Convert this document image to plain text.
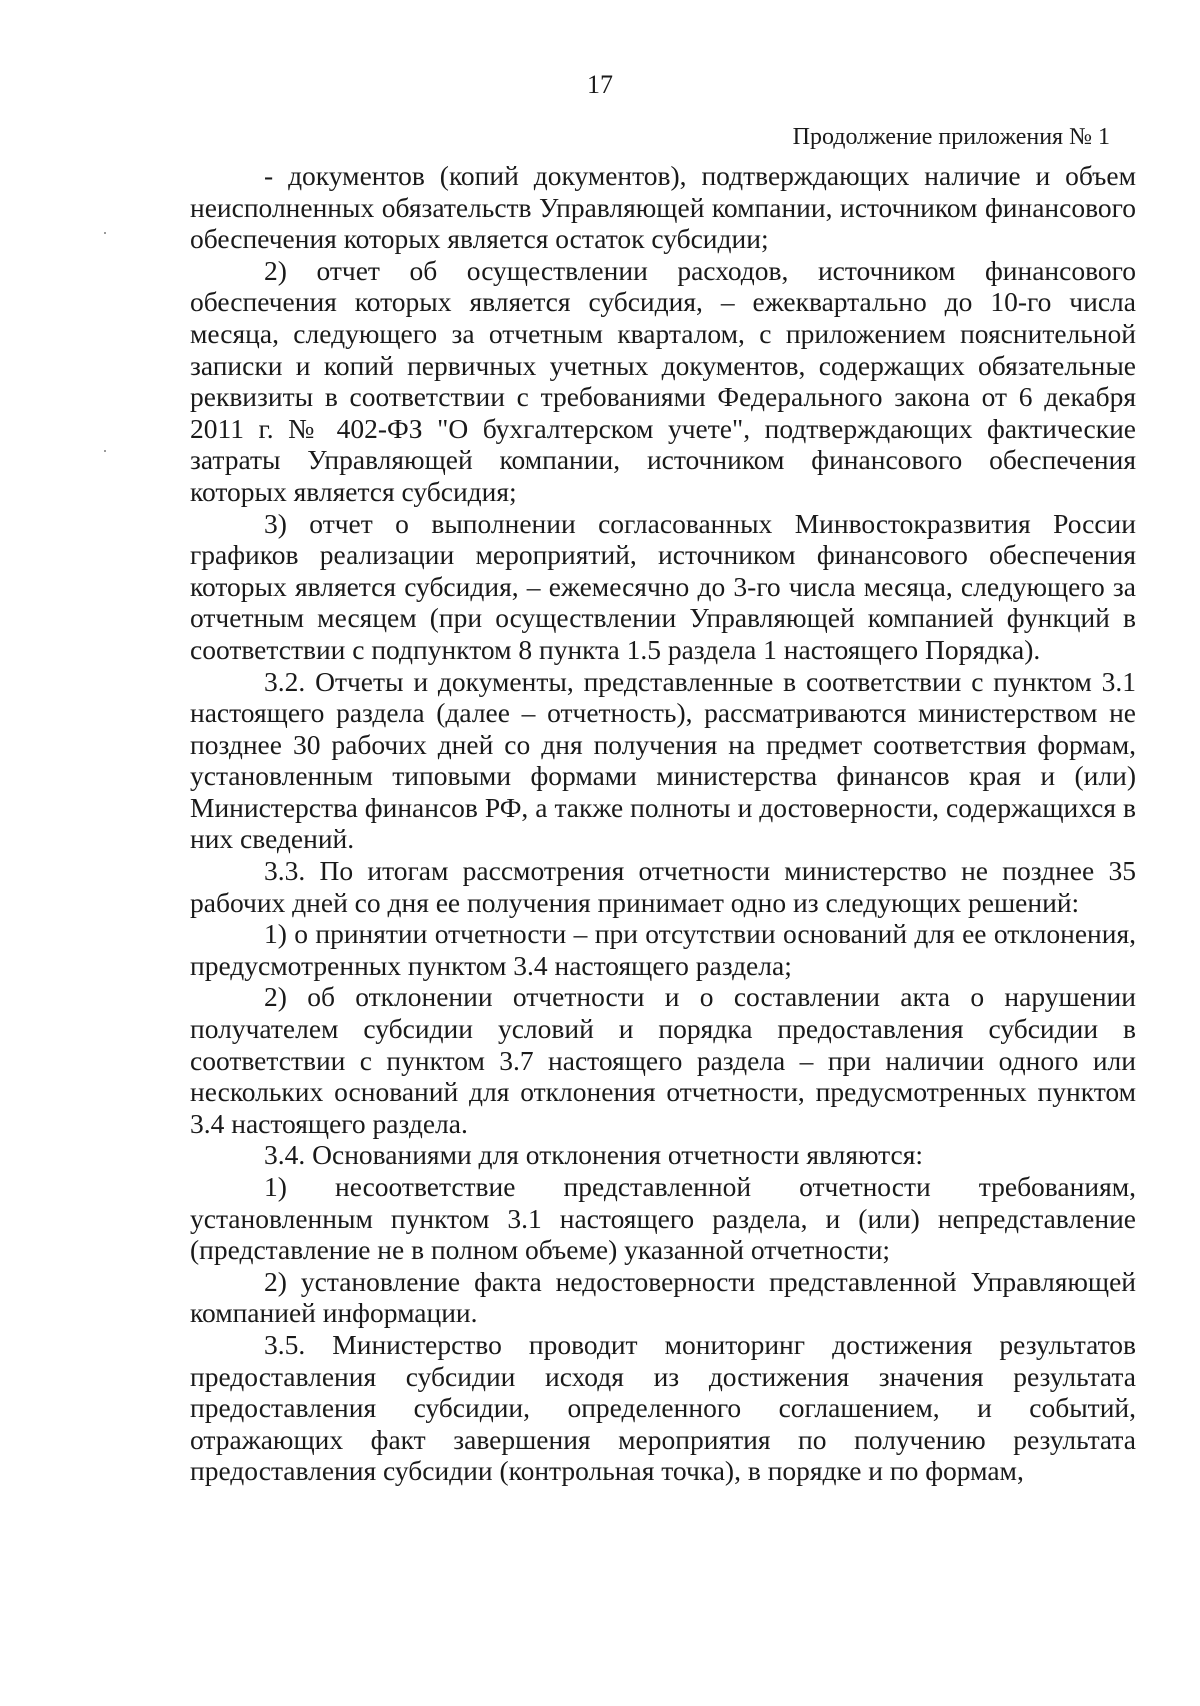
17
Продолжение приложения № 1

- документов (копий документов), подтверждающих наличие и объем неисполненных обязательств Управляющей компании, источником финансового обеспечения которых является остаток субсидии;

2) отчет об осуществлении расходов, источником финансового обеспечения которых является субсидия, – ежеквартально до 10-го числа месяца, следующего за отчетным кварталом, с приложением пояснительной записки и копий первичных учетных документов, содержащих обязательные реквизиты в соответствии с требованиями Федерального закона от 6 декабря 2011 г. № 402-ФЗ "О бухгалтерском учете", подтверждающих фактические затраты Управляющей компании, источником финансового обеспечения которых является субсидия;

3) отчет о выполнении согласованных Минвостокразвития России графиков реализации мероприятий, источником финансового обеспечения которых является субсидия, – ежемесячно до 3-го числа месяца, следующего за отчетным месяцем (при осуществлении Управляющей компанией функций в соответствии с подпунктом 8 пункта 1.5 раздела 1 настоящего Порядка).

3.2. Отчеты и документы, представленные в соответствии с пунктом 3.1 настоящего раздела (далее – отчетность), рассматриваются министерством не позднее 30 рабочих дней со дня получения на предмет соответствия формам, установленным типовыми формами министерства финансов края и (или) Министерства финансов РФ, а также полноты и достоверности, содержащихся в них сведений.

3.3. По итогам рассмотрения отчетности министерство не позднее 35 рабочих дней со дня ее получения принимает одно из следующих решений:

1) о принятии отчетности – при отсутствии оснований для ее отклонения, предусмотренных пунктом 3.4 настоящего раздела;

2) об отклонении отчетности и о составлении акта о нарушении получателем субсидии условий и порядка предоставления субсидии в соответствии с пунктом 3.7 настоящего раздела – при наличии одного или нескольких оснований для отклонения отчетности, предусмотренных пунктом 3.4 настоящего раздела.

3.4. Основаниями для отклонения отчетности являются:

1) несоответствие представленной отчетности требованиям, установленным пунктом 3.1 настоящего раздела, и (или) непредставление (представление не в полном объеме) указанной отчетности;

2) установление факта недостоверности представленной Управляющей компанией информации.

3.5. Министерство проводит мониторинг достижения результатов предоставления субсидии исходя из достижения значения результата предоставления субсидии, определенного соглашением, и событий, отражающих факт завершения мероприятия по получению результата предоставления субсидии (контрольная точка), в порядке и по формам,
